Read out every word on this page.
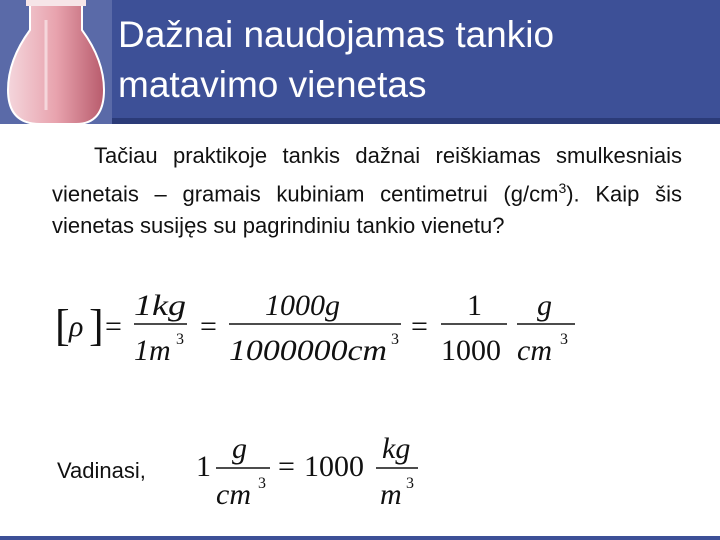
Dažnai naudojamas tankio
matavimo vienetas

Tačiau praktikoje tankis dažnai reiškiamas smulkesniais vienetais – gramais kubiniam centimetrui $(g/cm^3)$. Kaip šis vienetas susijęs su pagrindiniu tankio vienetu?

[ ρ ] =
1kg
1m 3 =
1000g
1000000cm 3 =
1
1000
g
cm 3
Vadinasi, 1
g
cm 3
= 1000
kg
m 3
